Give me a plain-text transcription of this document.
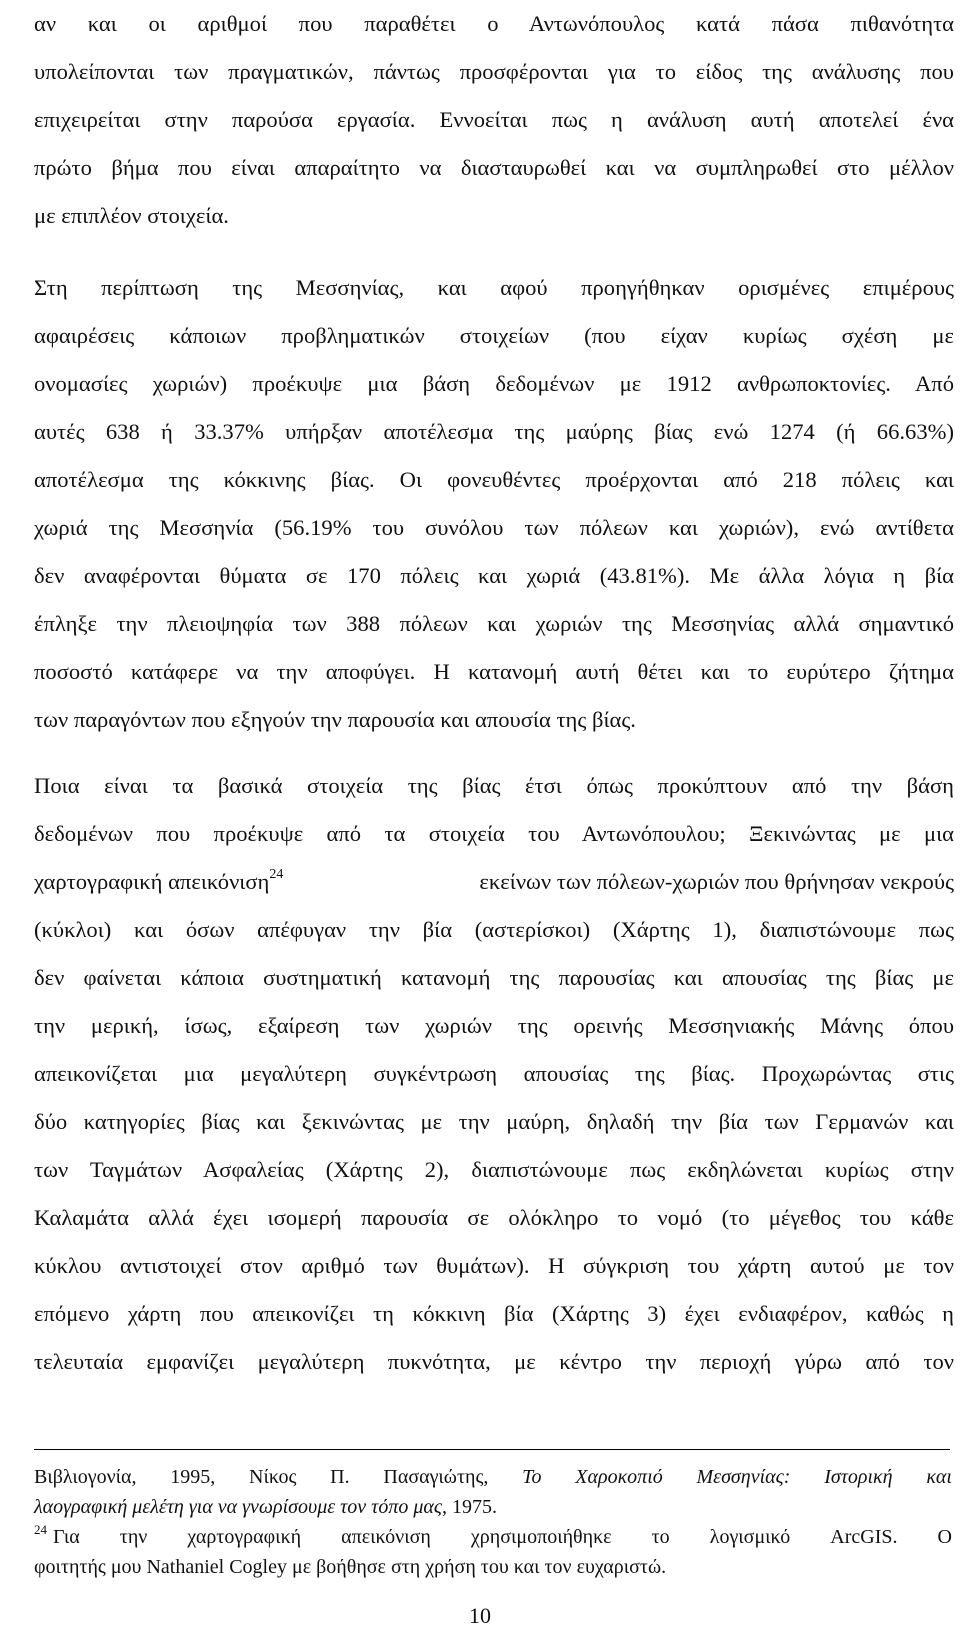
αν και οι αριθμοί που παραθέτει ο Αντωνόπουλος κατά πάσα πιθανότητα
υπολείπονται των πραγματικών, πάντως προσφέρονται για το είδος της ανάλυσης που
επιχειρείται στην παρούσα εργασία. Εννοείται πως η ανάλυση αυτή αποτελεί ένα
πρώτο βήμα που είναι απαραίτητο να διασταυρωθεί και να συμπληρωθεί στο μέλλον
με επιπλέον στοιχεία.
Στη περίπτωση της Μεσσηνίας, και αφού προηγήθηκαν ορισμένες επιμέρους
αφαιρέσεις κάποιων προβληματικών στοιχείων (που είχαν κυρίως σχέση με
ονομασίες χωριών) προέκυψε μια βάση δεδομένων με 1912 ανθρωποκτονίες. Από
αυτές 638 ή 33.37% υπήρξαν αποτέλεσμα της μαύρης βίας ενώ 1274 (ή 66.63%)
αποτέλεσμα της κόκκινης βίας. Οι φονευθέντες προέρχονται από 218 πόλεις και
χωριά της Μεσσηνία (56.19% του συνόλου των πόλεων και χωριών), ενώ αντίθετα
δεν αναφέρονται θύματα σε 170 πόλεις και χωριά (43.81%). Με άλλα λόγια η βία
έπληξε την πλειοψηφία των 388 πόλεων και χωριών της Μεσσηνίας αλλά σημαντικό
ποσοστό κατάφερε να την αποφύγει. Η κατανομή αυτή θέτει και το ευρύτερο ζήτημα
των παραγόντων που εξηγούν την παρουσία και απουσία της βίας.
Ποια είναι τα βασικά στοιχεία της βίας έτσι όπως προκύπτουν από την βάση
δεδομένων που προέκυψε από τα στοιχεία του Αντωνόπουλου; Ξεκινώντας με μια
χαρτογραφική απεικόνιση$^{24}$	εκείνων των πόλεων-χωριών που θρήνησαν νεκρούς
(κύκλοι) και όσων απέφυγαν την βία (αστερίσκοι) (Χάρτης 1), διαπιστώνουμε πως
δεν φαίνεται κάποια συστηματική κατανομή της παρουσίας και απουσίας της βίας με
την μερική, ίσως, εξαίρεση των χωριών της ορεινής Μεσσηνιακής Μάνης όπου
απεικονίζεται μια μεγαλύτερη συγκέντρωση απουσίας της βίας. Προχωρώντας στις
δύο κατηγορίες βίας και ξεκινώντας με την μαύρη, δηλαδή την βία των Γερμανών και
των Ταγμάτων Ασφαλείας (Χάρτης 2), διαπιστώνουμε πως εκδηλώνεται κυρίως στην
Καλαμάτα αλλά έχει ισομερή παρουσία σε ολόκληρο το νομό (το μέγεθος του κάθε
κύκλου αντιστοιχεί στον αριθμό των θυμάτων). Η σύγκριση του χάρτη αυτού με τον
επόμενο χάρτη που απεικονίζει τη κόκκινη βία (Χάρτης 3) έχει ενδιαφέρον, καθώς η
τελευταία εμφανίζει μεγαλύτερη πυκνότητα, με κέντρο την περιοχή γύρω από τον
Βιβλιογονία, 1995, Νίκος Π. Πασαγιώτης, Το Χαροκοπιό Μεσσηνίας: Ιστορική και
λαογραφική μελέτη για να γνωρίσουμε τον τόπο μας, 1975.
$^{24}$ Για την χαρτογραφική απεικόνιση χρησιμοποιήθηκε το λογισμικό ArcGIS. Ο
φοιτητής μου Nathaniel Cogley με βοήθησε στη χρήση του και τον ευχαριστώ.
10
